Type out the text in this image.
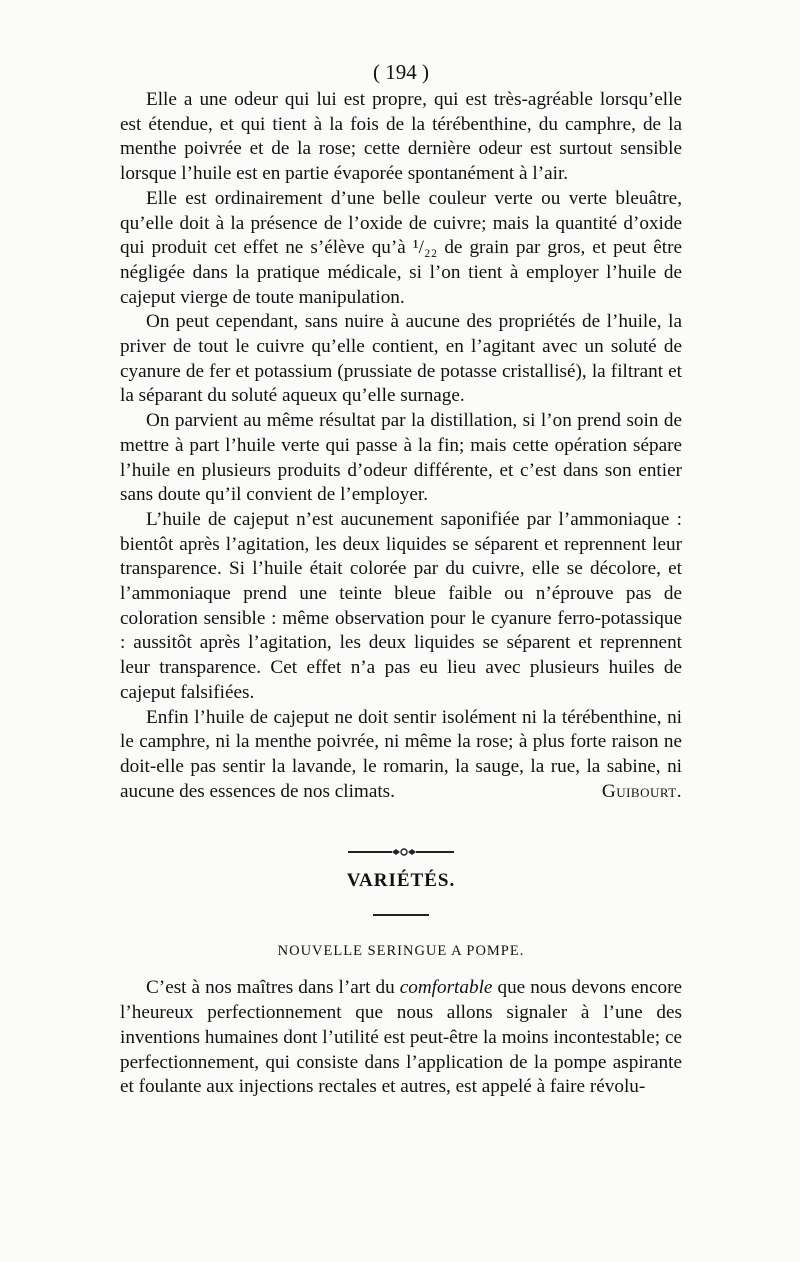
( 194 )

Elle a une odeur qui lui est propre, qui est très-agréable lorsqu’elle est étendue, et qui tient à la fois de la térébenthine, du camphre, de la menthe poivrée et de la rose; cette dernière odeur est surtout sensible lorsque l’huile est en partie évaporée spontanément à l’air.

Elle est ordinairement d’une belle couleur verte ou verte bleuâtre, qu’elle doit à la présence de l’oxide de cuivre; mais la quantité d’oxide qui produit cet effet ne s’élève qu’à ¹/₂₂ de grain par gros, et peut être négligée dans la pratique médicale, si l’on tient à employer l’huile de cajeput vierge de toute manipulation.

On peut cependant, sans nuire à aucune des propriétés de l’huile, la priver de tout le cuivre qu’elle contient, en l’agitant avec un soluté de cyanure de fer et potassium (prussiate de potasse cristallisé), la filtrant et la séparant du soluté aqueux qu’elle surnage.

On parvient au même résultat par la distillation, si l’on prend soin de mettre à part l’huile verte qui passe à la fin; mais cette opération sépare l’huile en plusieurs produits d’odeur différente, et c’est dans son entier sans doute qu’il convient de l’employer.

L’huile de cajeput n’est aucunement saponifiée par l’ammoniaque : bientôt après l’agitation, les deux liquides se séparent et reprennent leur transparence. Si l’huile était colorée par du cuivre, elle se décolore, et l’ammoniaque prend une teinte bleue faible ou n’éprouve pas de coloration sensible : même observation pour le cyanure ferro-potassique : aussitôt après l’agitation, les deux liquides se séparent et reprennent leur transparence. Cet effet n’a pas eu lieu avec plusieurs huiles de cajeput falsifiées.

Enfin l’huile de cajeput ne doit sentir isolément ni la térébenthine, ni le camphre, ni la menthe poivrée, ni même la rose; à plus forte raison ne doit-elle pas sentir la lavande, le romarin, la sauge, la rue, la sabine, ni aucune des essences de nos climats.	Guibourt.

VARIÉTÉS.
NOUVELLE SERINGUE A POMPE.

C’est à nos maîtres dans l’art du comfortable que nous devons encore l’heureux perfectionnement que nous allons signaler à l’une des inventions humaines dont l’utilité est peut-être la moins incontestable; ce perfectionnement, qui consiste dans l’application de la pompe aspirante et foulante aux injections rectales et autres, est appelé à faire révolu-
